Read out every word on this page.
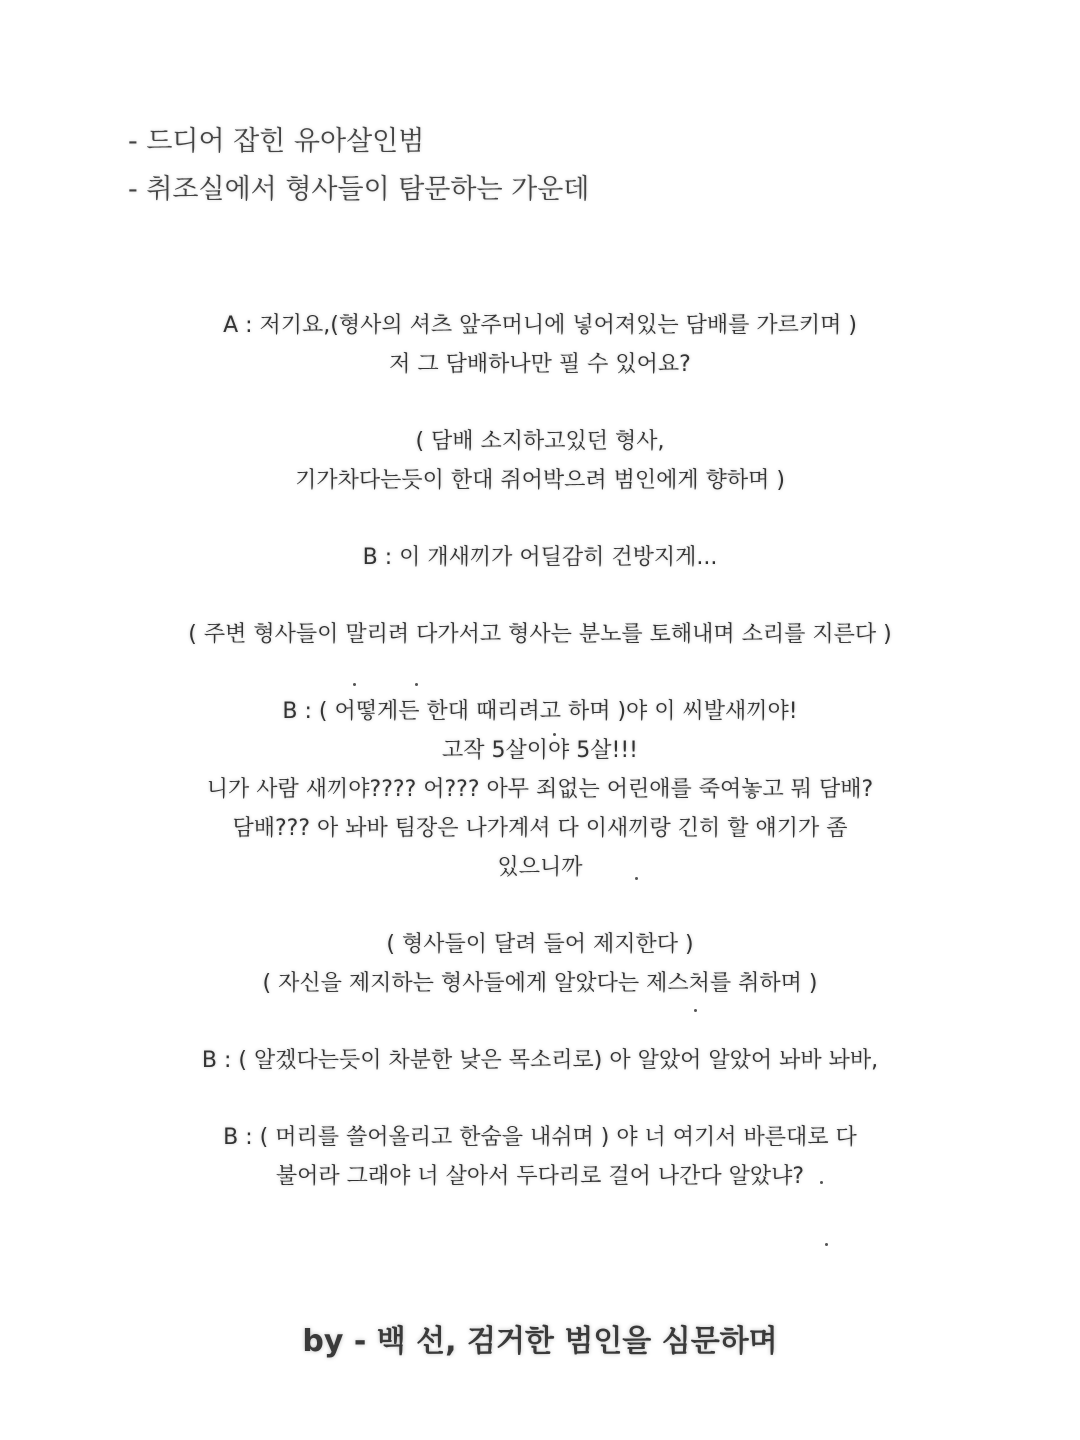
- 드디어 잡힌 유아살인범
- 취조실에서 형사들이 탐문하는 가운데
A : 저기요,(형사의 셔츠 앞주머니에 넣어져있는 담배를 가르키며 )
저 그 담배하나만 필 수 있어요?
( 담배 소지하고있던 형사,
기가차다는듯이 한대 쥐어박으려 범인에게 향하며 )
B : 이 개새끼가 어딜감히 건방지게...
( 주변 형사들이 말리려 다가서고 형사는 분노를 토해내며 소리를 지른다 )
B : ( 어떻게든 한대 때리려고 하며 )야 이 씨발새끼야!
고작 5살이야 5살!!!
니가 사람 새끼야???? 어??? 아무 죄없는 어린애를 죽여놓고 뭐 담배?
담배??? 아 놔바 팀장은 나가계셔 다 이새끼랑 긴히 할 얘기가 좀
있으니까
( 형사들이 달려 들어 제지한다 )
( 자신을 제지하는 형사들에게 알았다는 제스처를 취하며 )
B : ( 알겠다는듯이 차분한 낮은 목소리로) 아 알았어 알았어 놔바 놔바,
B : ( 머리를 쓸어올리고 한숨을 내쉬며 ) 야 너 여기서 바른대로 다
불어라 그래야 너 살아서 두다리로 걸어 나간다 알았냐?
by - 백 선, 검거한 범인을 심문하며
